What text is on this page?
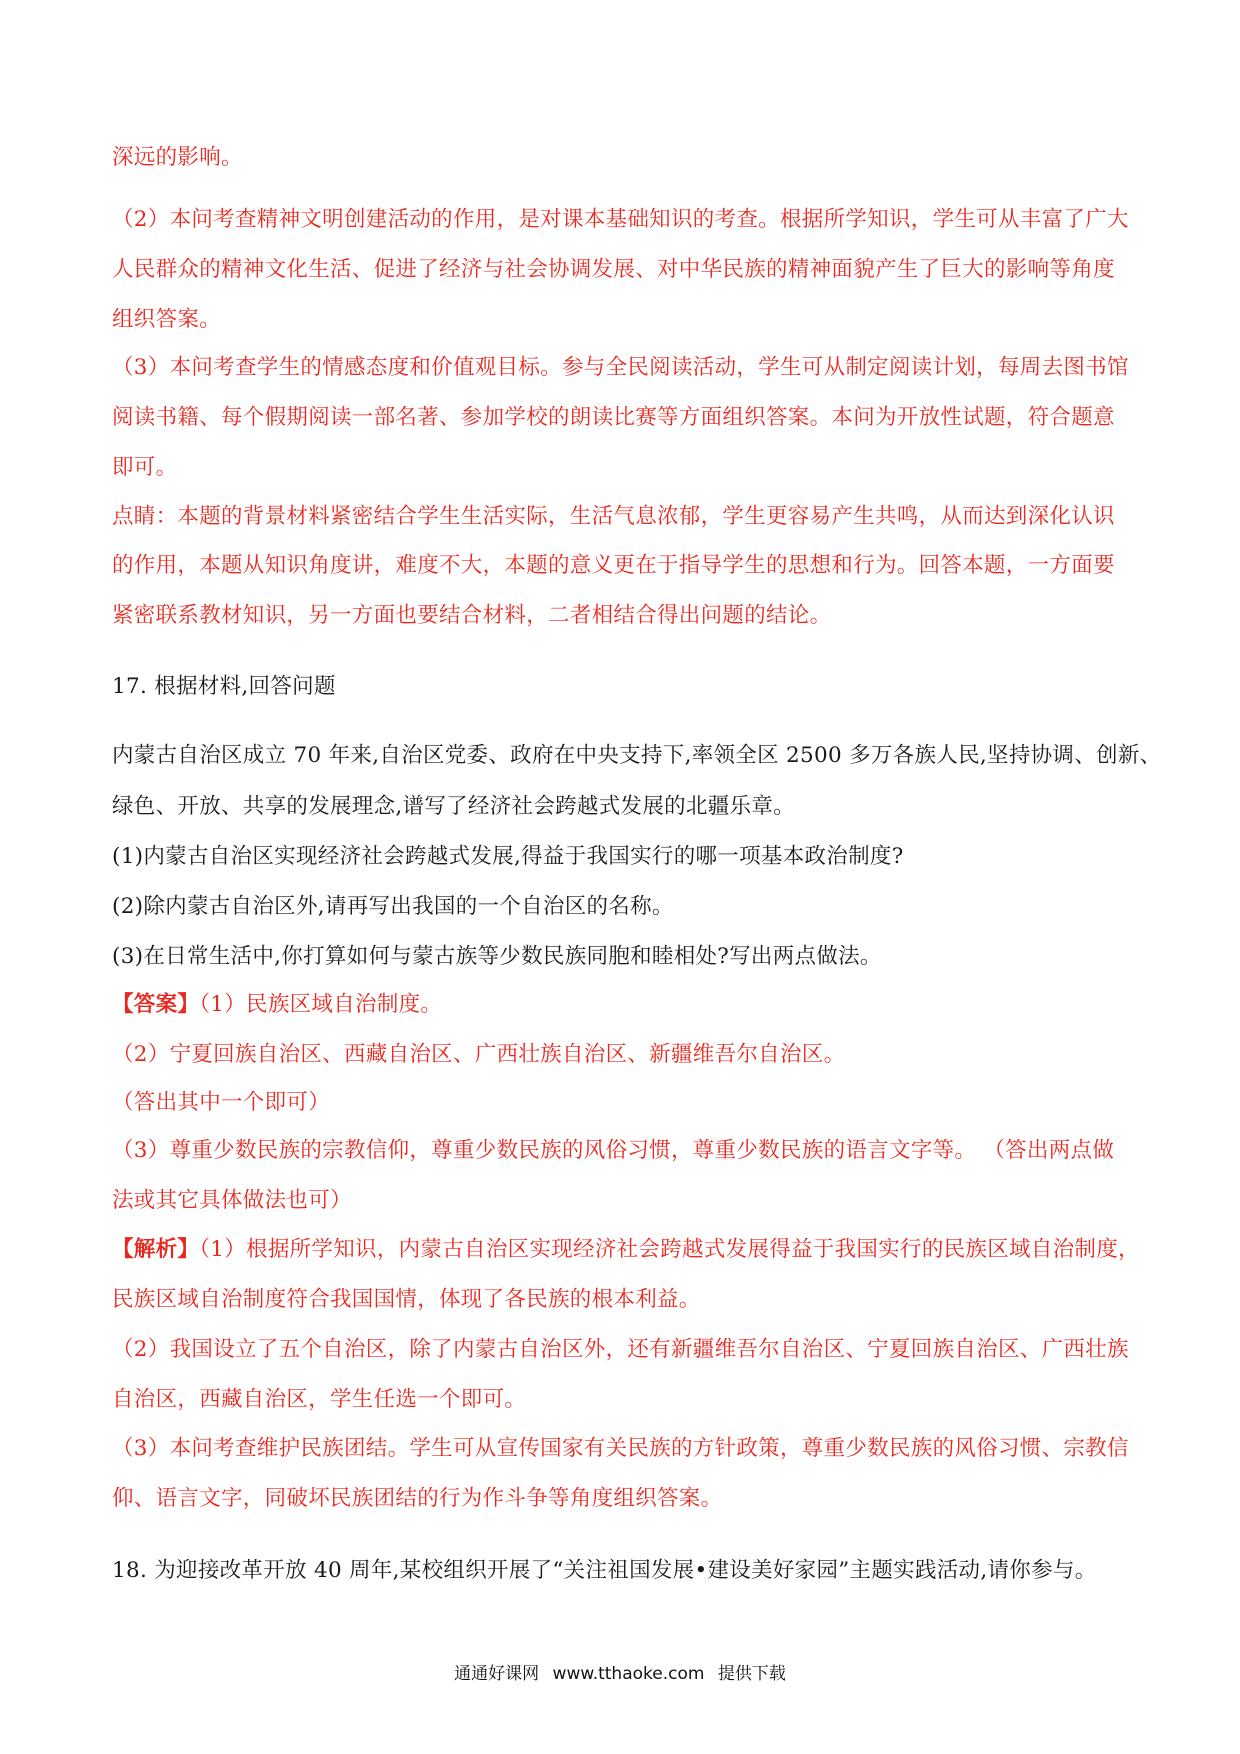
深远的影响。
（2）本问考查精神文明创建活动的作用，是对课本基础知识的考查。根据所学知识，学生可从丰富了广大
人民群众的精神文化生活、促进了经济与社会协调发展、对中华民族的精神面貌产生了巨大的影响等角度
组织答案。
（3）本问考查学生的情感态度和价值观目标。参与全民阅读活动，学生可从制定阅读计划，每周去图书馆
阅读书籍、每个假期阅读一部名著、参加学校的朗读比赛等方面组织答案。本问为开放性试题，符合题意
即可。
点睛：本题的背景材料紧密结合学生生活实际，生活气息浓郁，学生更容易产生共鸣，从而达到深化认识
的作用，本题从知识角度讲，难度不大，本题的意义更在于指导学生的思想和行为。回答本题，一方面要
紧密联系教材知识，另一方面也要结合材料，二者相结合得出问题的结论。
17. 根据材料,回答问题
内蒙古自治区成立 70 年来,自治区党委、政府在中央支持下,率领全区 2500 多万各族人民,坚持协调、创新、
绿色、开放、共享的发展理念,谱写了经济社会跨越式发展的北疆乐章。
(1)内蒙古自治区实现经济社会跨越式发展,得益于我国实行的哪一项基本政治制度?
(2)除内蒙古自治区外,请再写出我国的一个自治区的名称。
(3)在日常生活中,你打算如何与蒙古族等少数民族同胞和睦相处?写出两点做法。
【答案】（1）民族区域自治制度。
（2）宁夏回族自治区、西藏自治区、广西壮族自治区、新疆维吾尔自治区。
（答出其中一个即可）
（3）尊重少数民族的宗教信仰，尊重少数民族的风俗习惯，尊重少数民族的语言文字等。 （答出两点做
法或其它具体做法也可）
【解析】（1）根据所学知识，内蒙古自治区实现经济社会跨越式发展得益于我国实行的民族区域自治制度，
民族区域自治制度符合我国国情，体现了各民族的根本利益。
（2）我国设立了五个自治区，除了内蒙古自治区外，还有新疆维吾尔自治区、宁夏回族自治区、广西壮族
自治区，西藏自治区，学生任选一个即可。
（3）本问考查维护民族团结。学生可从宣传国家有关民族的方针政策，尊重少数民族的风俗习惯、宗教信
仰、语言文字，同破坏民族团结的行为作斗争等角度组织答案。
18. 为迎接改革开放 40 周年,某校组织开展了“关注祖国发展•建设美好家园”主题实践活动,请你参与。
通通好课网 www.tthaoke.com 提供下载
